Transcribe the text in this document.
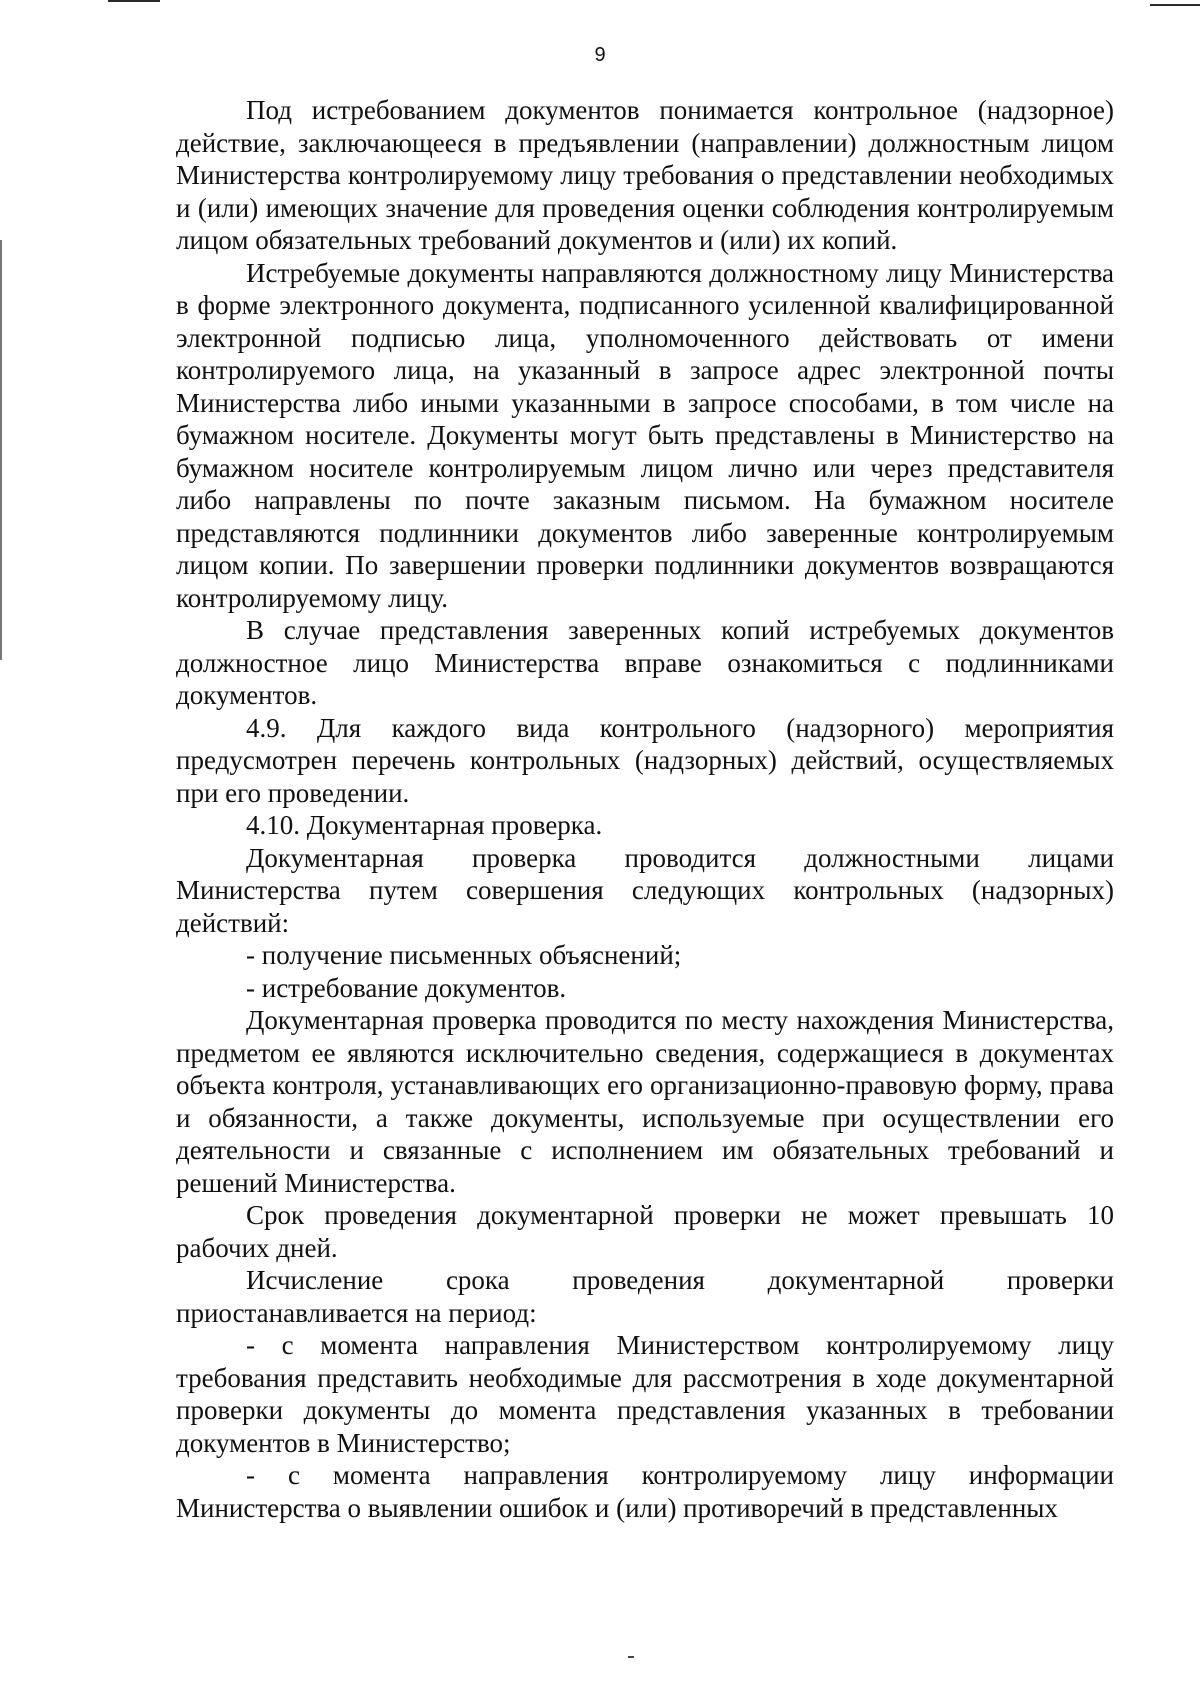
9

Под истребованием документов понимается контрольное (надзорное) действие, заключающееся в предъявлении (направлении) должностным лицом Министерства контролируемому лицу требования о представлении необходимых и (или) имеющих значение для проведения оценки соблюдения контролируемым лицом обязательных требований документов и (или) их копий.

Истребуемые документы направляются должностному лицу Министерства в форме электронного документа, подписанного усиленной квалифицированной электронной подписью лица, уполномоченного действовать от имени контролируемого лица, на указанный в запросе адрес электронной почты Министерства либо иными указанными в запросе способами, в том числе на бумажном носителе. Документы могут быть представлены в Министерство на бумажном носителе контролируемым лицом лично или через представителя либо направлены по почте заказным письмом. На бумажном носителе представляются подлинники документов либо заверенные контролируемым лицом копии. По завершении проверки подлинники документов возвращаются контролируемому лицу.

В случае представления заверенных копий истребуемых документов должностное лицо Министерства вправе ознакомиться с подлинниками документов.

4.9. Для каждого вида контрольного (надзорного) мероприятия предусмотрен перечень контрольных (надзорных) действий, осуществляемых при его проведении.

4.10. Документарная проверка.

Документарная проверка проводится должностными лицами Министерства путем совершения следующих контрольных (надзорных) действий:

- получение письменных объяснений;

- истребование документов.

Документарная проверка проводится по месту нахождения Министерства, предметом ее являются исключительно сведения, содержащиеся в документах объекта контроля, устанавливающих его организационно-правовую форму, права и обязанности, а также документы, используемые при осуществлении его деятельности и связанные с исполнением им обязательных требований и решений Министерства.

Срок проведения документарной проверки не может превышать 10 рабочих дней.

Исчисление срока проведения документарной проверки приостанавливается на период:

- с момента направления Министерством контролируемому лицу требования представить необходимые для рассмотрения в ходе документарной проверки документы до момента представления указанных в требовании документов в Министерство;

- с момента направления контролируемому лицу информации Министерства о выявлении ошибок и (или) противоречий в представленных
